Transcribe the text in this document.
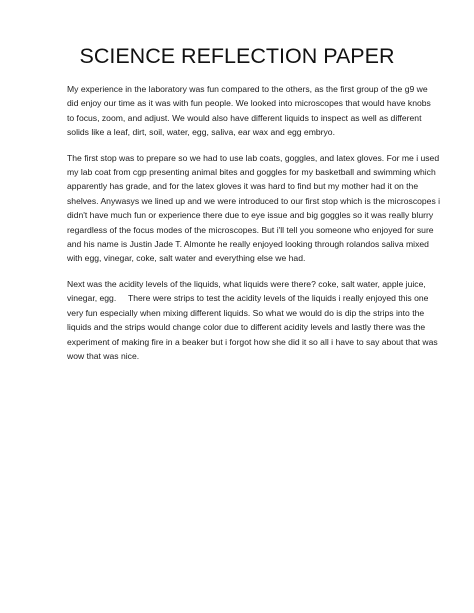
SCIENCE REFLECTION PAPER

My experience in the laboratory was fun compared to the others, as the first group of the g9 we
did enjoy our time as it was with fun people. We looked into microscopes that would have knobs
to focus, zoom, and adjust. We would also have different liquids to inspect as well as different
solids like a leaf, dirt, soil, water, egg, saliva, ear wax and egg embryo.

The first stop was to prepare so we had to use lab coats, goggles, and latex gloves. For me i used
my lab coat from cgp presenting animal bites and goggles for my basketball and swimming which
apparently has grade, and for the latex gloves it was hard to find but my mother had it on the
shelves. Anywasys we lined up and we were introduced to our first stop which is the microscopes i
didn't have much fun or experience there due to eye issue and big goggles so it was really blurry
regardless of the focus modes of the microscopes. But i'll tell you someone who enjoyed for sure
and his name is Justin Jade T. Almonte he really enjoyed looking through rolandos saliva mixed
with egg, vinegar, coke, salt water and everything else we had.

Next was the acidity levels of the liquids, what liquids were there? coke, salt water, apple juice,
vinegar, egg.     There were strips to test the acidity levels of the liquids i really enjoyed this one
very fun especially when mixing different liquids. So what we would do is dip the strips into the
liquids and the strips would change color due to different acidity levels and lastly there was the
experiment of making fire in a beaker but i forgot how she did it so all i have to say about that was
wow that was nice.
